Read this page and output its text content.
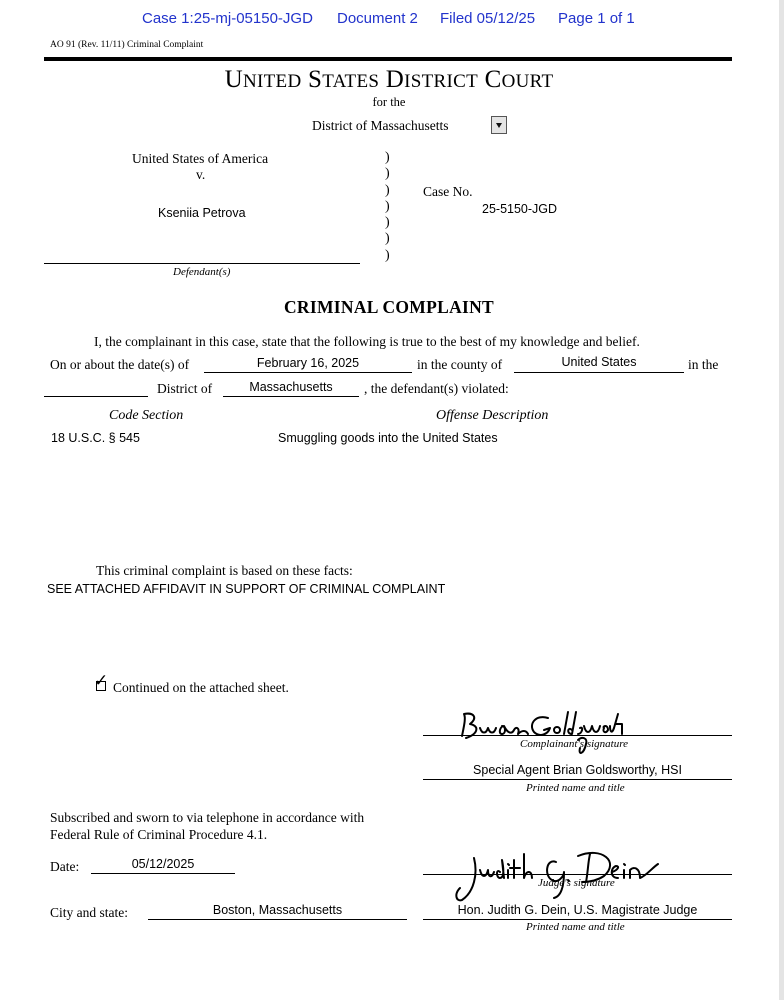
Case 1:25-mj-05150-JGD Document 2 Filed 05/12/25 Page 1 of 1
AO 91 (Rev. 11/11) Criminal Complaint
UNITED STATES DISTRICT COURT
for the
District of Massachusetts
United States of America
v.
Kseniia Petrova
Defendant(s)
)
)
)
)
)
)
)
Case No.
25-5150-JGD
CRIMINAL COMPLAINT
I, the complainant in this case, state that the following is true to the best of my knowledge and belief.
On or about the date(s) of	February 16, 2025	in the county of	United States	in the
District of	Massachusetts	, the defendant(s) violated:
Code Section	Offense Description
18 U.S.C. § 545	Smuggling goods into the United States
This criminal complaint is based on these facts:
SEE ATTACHED AFFIDAVIT IN SUPPORT OF CRIMINAL COMPLAINT
✓ Continued on the attached sheet.
Complainant's signature
Special Agent Brian Goldsworthy, HSI
Printed name and title
Subscribed and sworn to via telephone in accordance with
Federal Rule of Criminal Procedure 4.1.
Date:	05/12/2025
City and state:	Boston, Massachusetts
Judge's signature
Hon. Judith G. Dein, U.S. Magistrate Judge
Printed name and title
